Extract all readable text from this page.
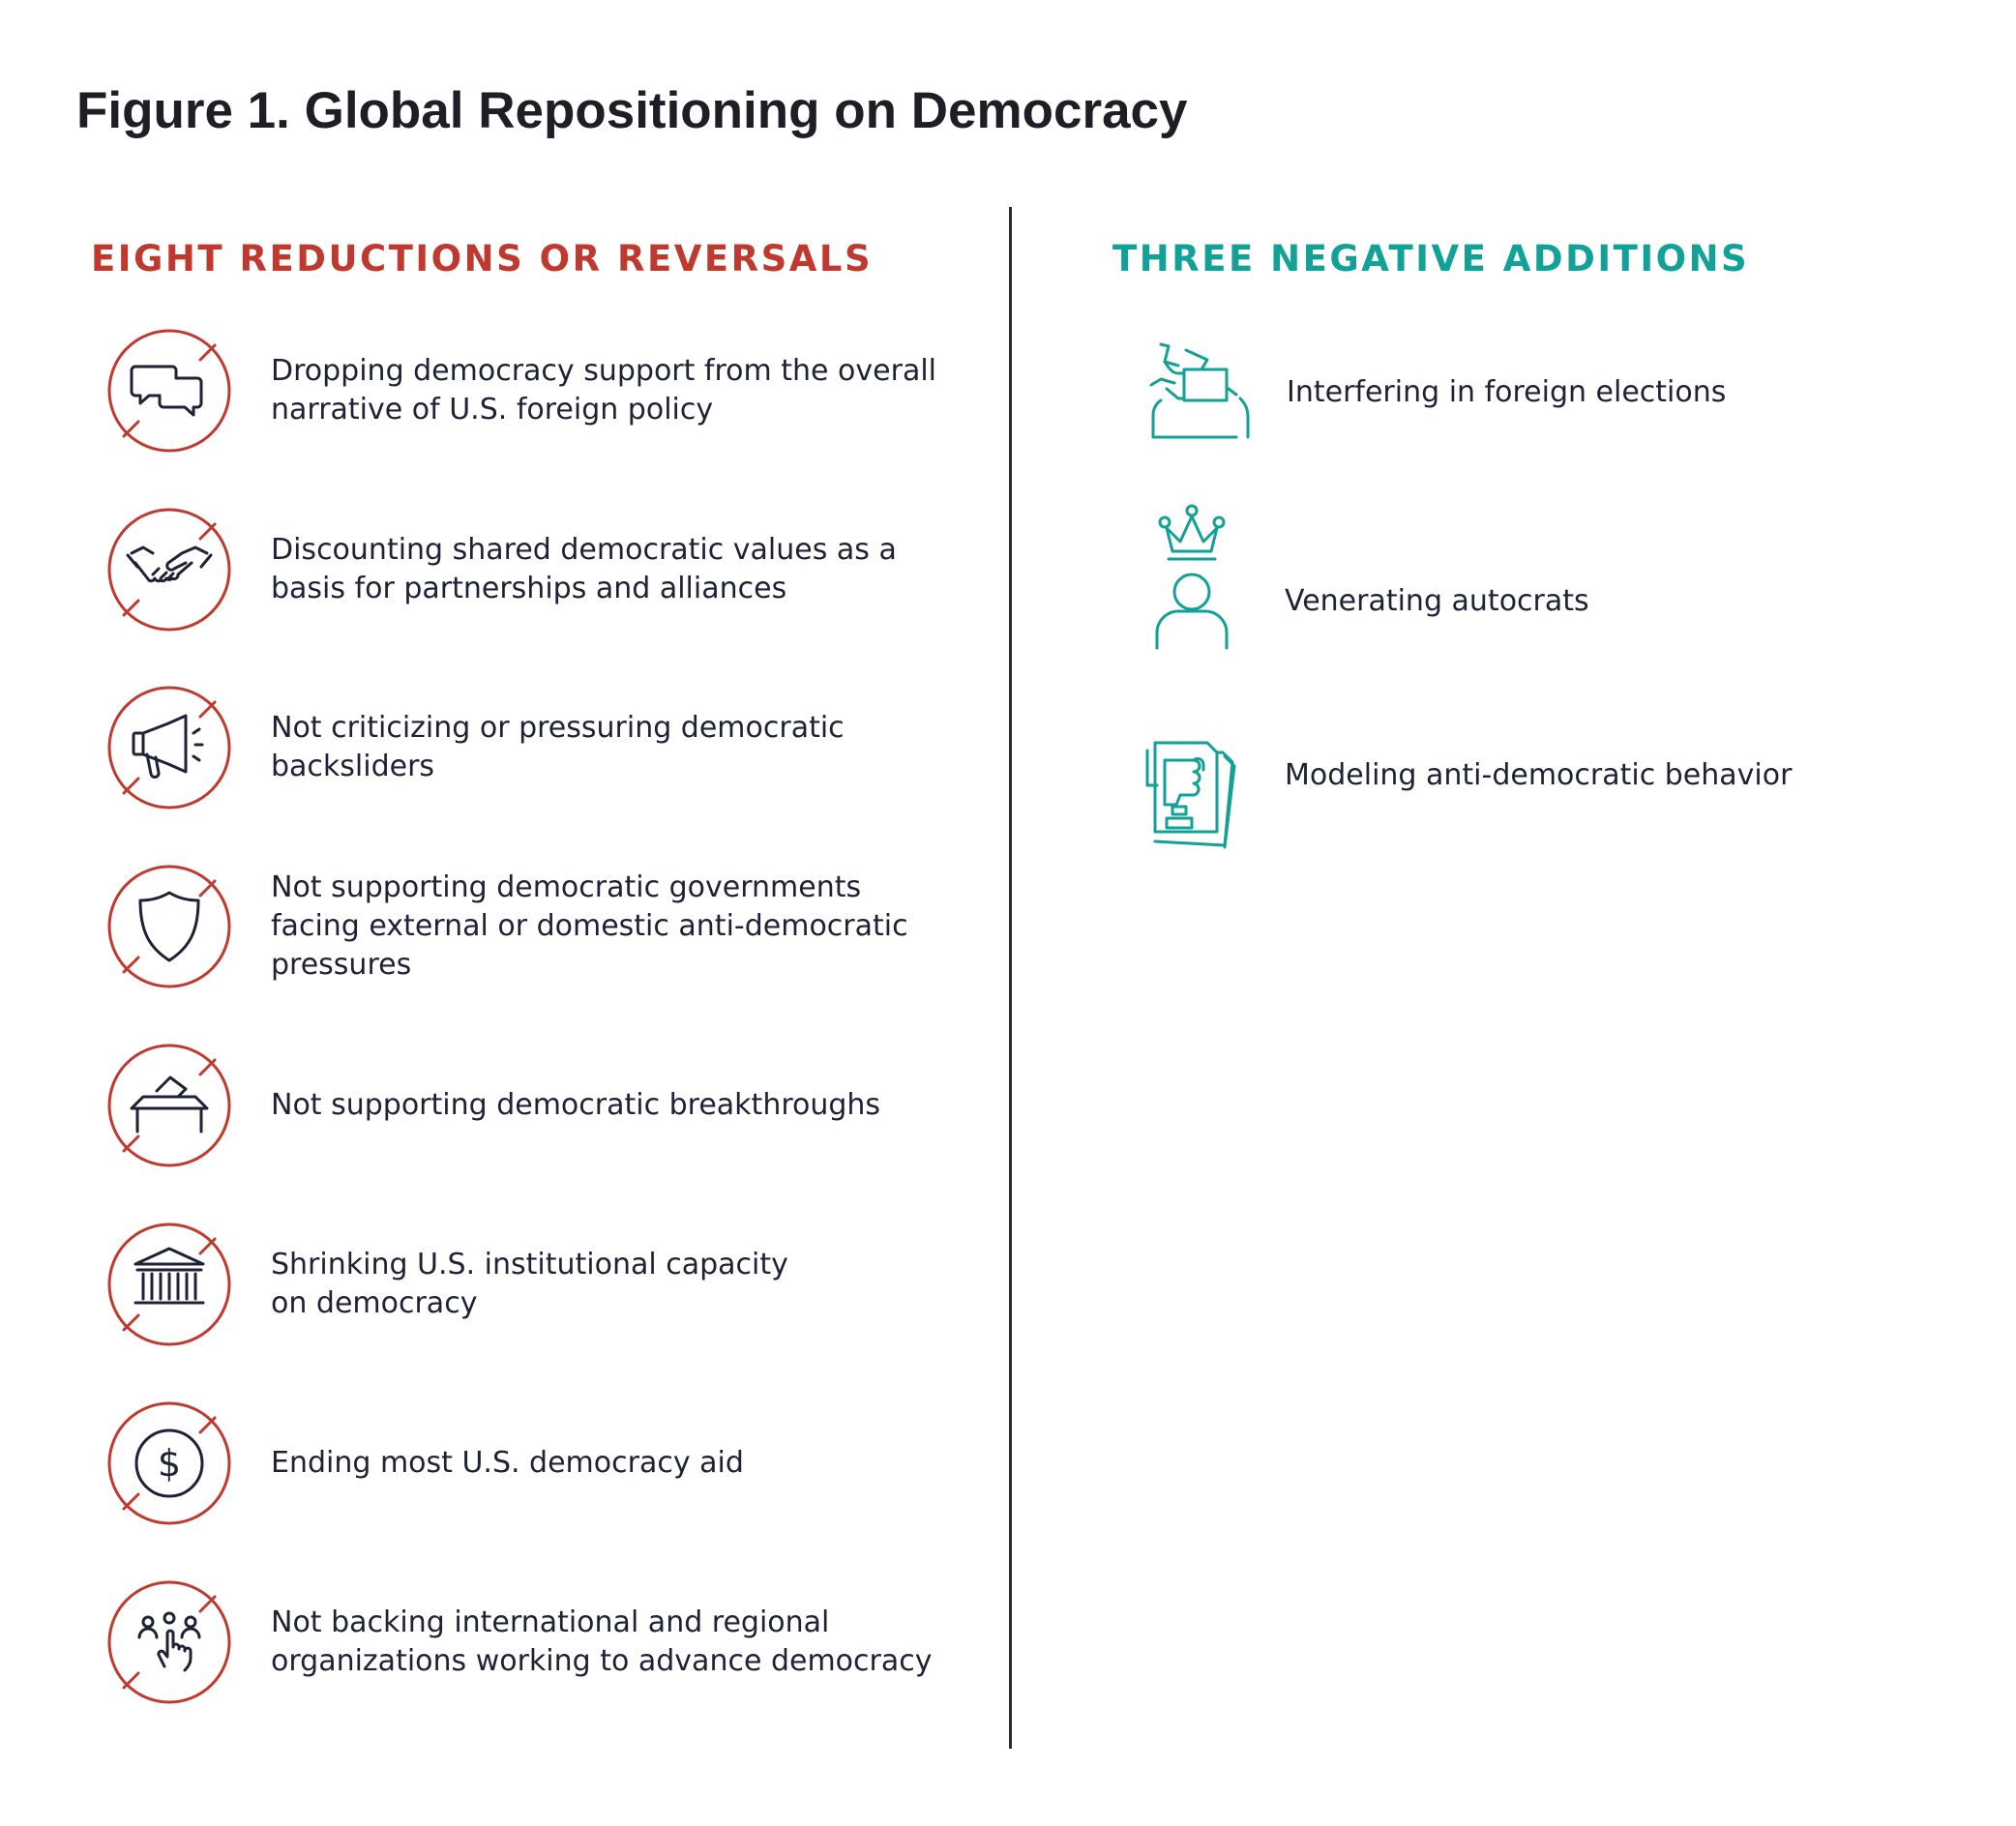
Figure 1. Global Repositioning on Democracy
EIGHT REDUCTIONS OR REVERSALS	THREE NEGATIVE ADDITIONS
Dropping democracy support from the overall
narrative of U.S. foreign policy
Discounting shared democratic values as a
basis for partnerships and alliances
Not criticizing or pressuring democratic
backsliders
Not supporting democratic governments
facing external or domestic anti-democratic
pressures
Not supporting democratic breakthroughs
Shrinking U.S. institutional capacity
on democracy
$	Ending most U.S. democracy aid
Not backing international and regional
organizations working to advance democracy
Interfering in foreign elections
Venerating autocrats
Modeling anti-democratic behavior
